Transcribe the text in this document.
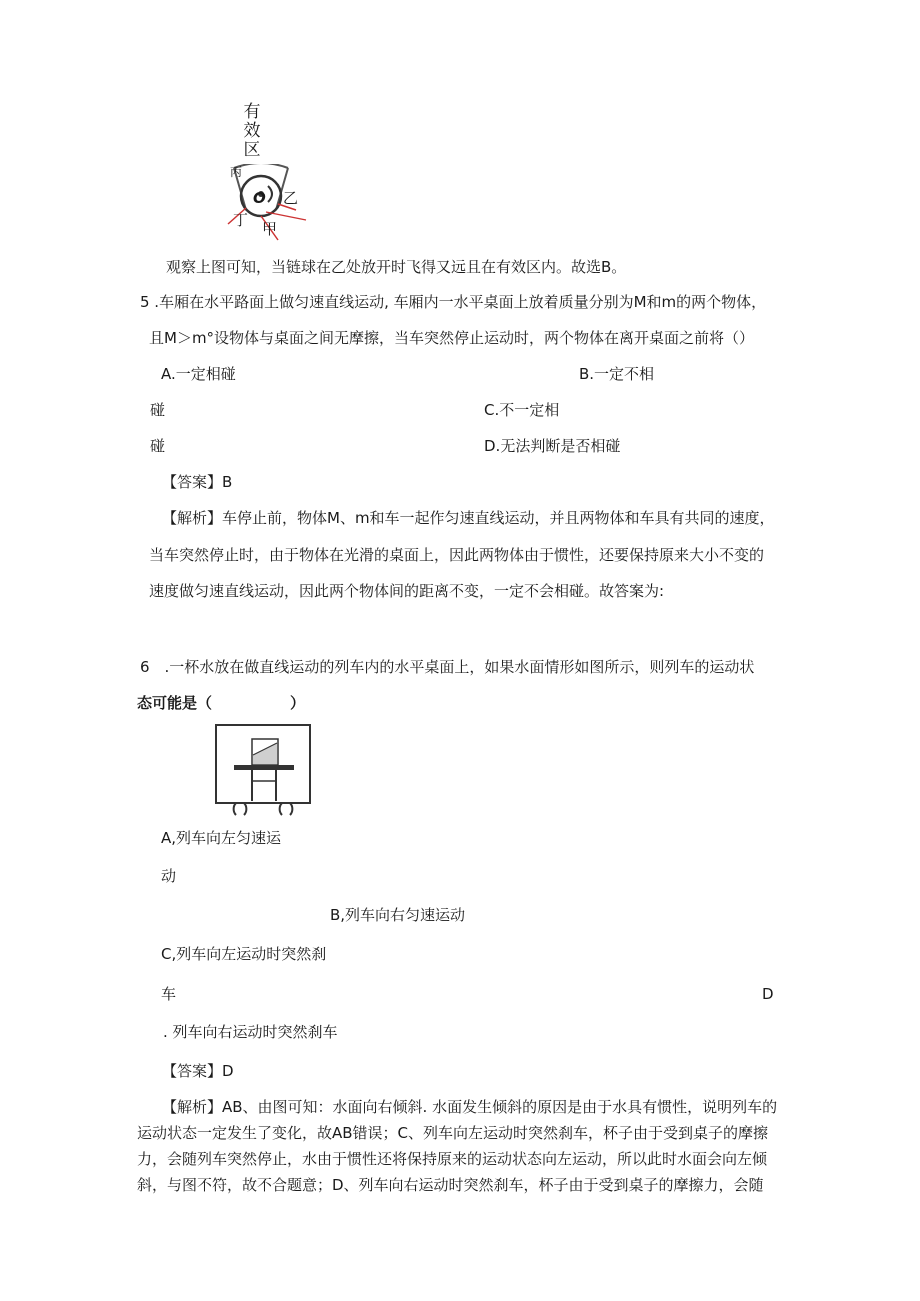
有
效
区
丙
O 乙
丁 甲
观察上图可知，当链球在乙处放开时飞得又远且在有效区内。故选B。
5 .车厢在水平路面上做匀速直线运动, 车厢内一水平桌面上放着质量分别为M和m的两个物体，
且M＞m°设物体与桌面之间无摩擦，当车突然停止运动时，两个物体在离开桌面之前将（）
A.一定相碰	B.一定不相
碰	C.不一定相
碰	D.无法判断是否相碰
【答案】B
【解析】车停止前，物体M、m和车一起作匀速直线运动，并且两物体和车具有共同的速度，
当车突然停止时，由于物体在光滑的桌面上，因此两物体由于惯性，还要保持原来大小不变的
速度做匀速直线运动，因此两个物体间的距离不变，一定不会相碰。故答案为:
6　.一杯水放在做直线运动的列车内的水平桌面上，如果水面情形如图所示，则列车的运动状
态可能是（	）
A,列车向左匀速运
动
B,列车向右匀速运动
C,列车向左运动时突然刹
车	D
. 列车向右运动时突然刹车
【答案】D
【解析】AB、由图可知：水面向右倾斜. 水面发生倾斜的原因是由于水具有惯性，说明列车的
运动状态一定发生了变化，故AB错误；C、列车向左运动时突然刹车，杯子由于受到桌子的摩擦
力，会随列车突然停止，水由于惯性还将保持原来的运动状态向左运动，所以此时水面会向左倾
斜，与图不符，故不合题意；D、列车向右运动时突然刹车，杯子由于受到桌子的摩擦力，会随
